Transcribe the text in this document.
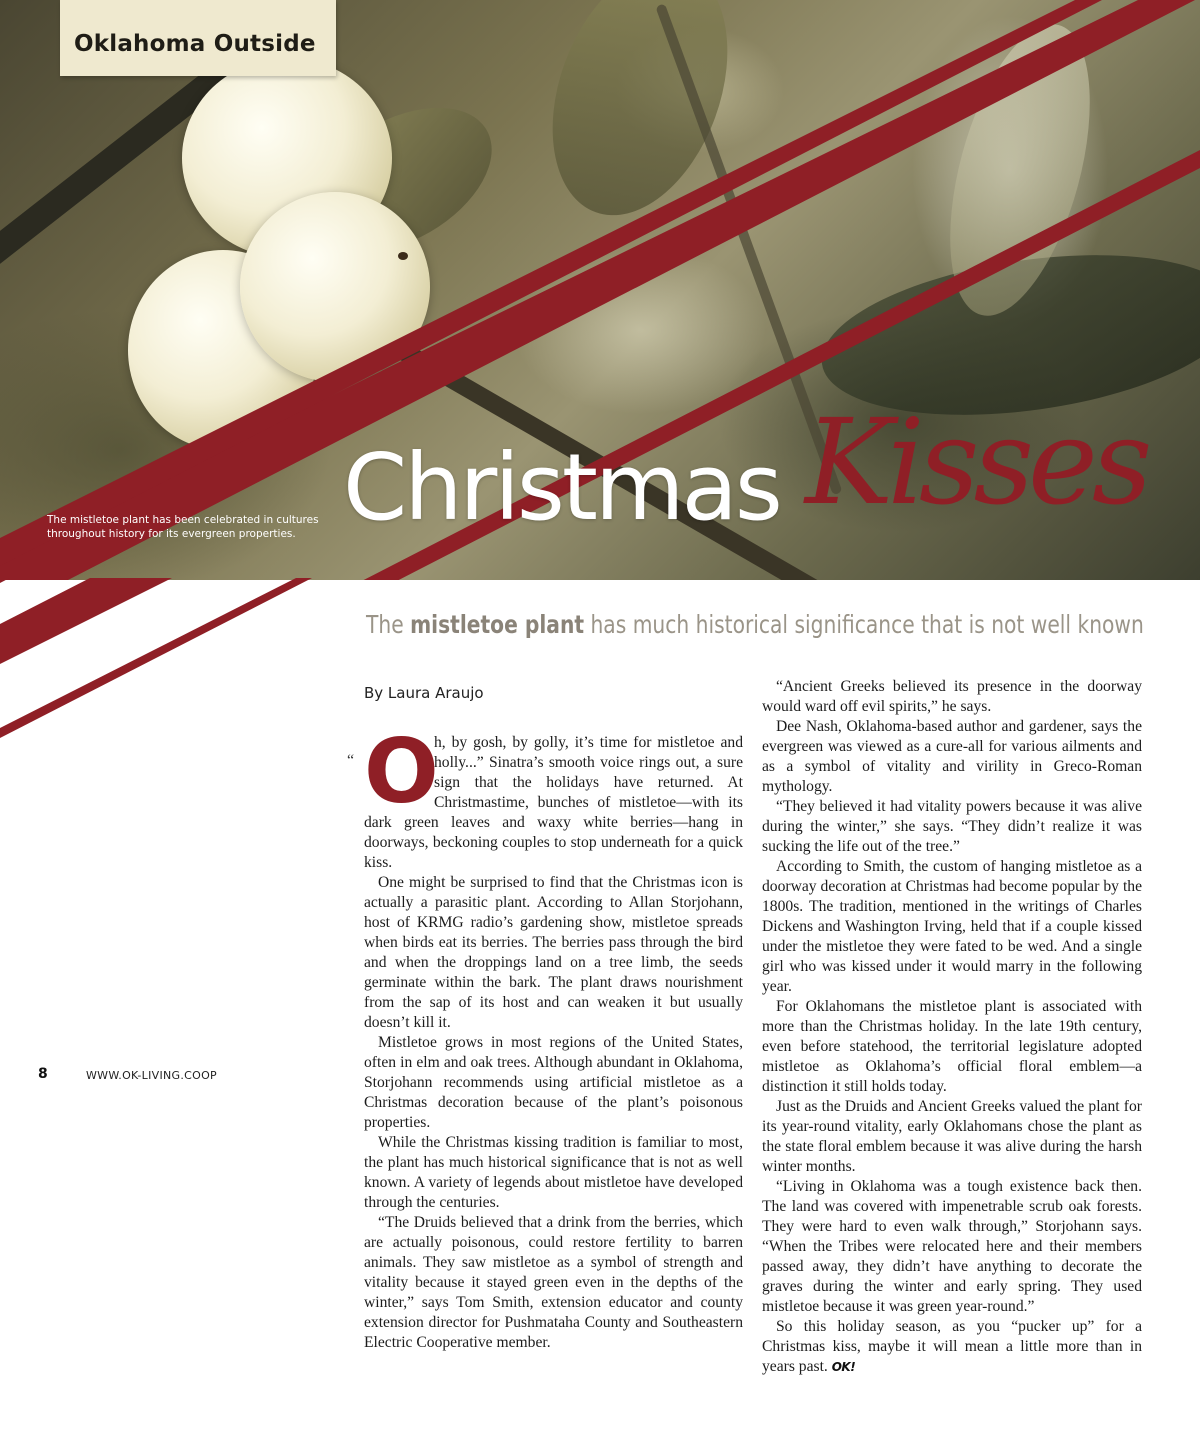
Oklahoma Outside
The mistletoe plant has been celebrated in cultures throughout history for its evergreen properties. Christmas Kisses
The mistletoe plant has much historical significance that is not well known
By Laura Araujo
“ O
h, by gosh, by golly, it’s time for mistletoe and holly...” Sinatra’s smooth voice rings out, a sure sign that the holidays have returned. At Christmastime, bunches of mistletoe—with its dark green leaves and waxy white berries—hang in doorways, beckoning couples to stop underneath for a quick kiss.

One might be surprised to find that the Christmas icon is actually a parasitic plant. According to Allan Storjohann, host of KRMG radio’s gardening show, mistletoe spreads when birds eat its berries. The berries pass through the bird and when the droppings land on a tree limb, the seeds germinate within the bark. The plant draws nourishment from the sap of its host and can weaken it but usually doesn’t kill it.

Mistletoe grows in most regions of the United States, often in elm and oak trees. Although abundant in Oklahoma, Storjohann recommends using artificial mistletoe as a Christmas decoration because of the plant’s poisonous properties.

While the Christmas kissing tradition is familiar to most, the plant has much historical significance that is not as well known. A variety of legends about mistletoe have developed through the centuries.

“The Druids believed that a drink from the berries, which are actually poisonous, could restore fertility to barren animals. They saw mistletoe as a symbol of strength and vitality because it stayed green even in the depths of the winter,” says Tom Smith, extension educator and county extension director for Pushmataha County and Southeastern Electric Cooperative member.

“Ancient Greeks believed its presence in the doorway would ward off evil spirits,” he says.

Dee Nash, Oklahoma-based author and gardener, says the evergreen was viewed as a cure-all for various ailments and as a symbol of vitality and virility in Greco-Roman mythology.

“They believed it had vitality powers because it was alive during the winter,” she says. “They didn’t realize it was sucking the life out of the tree.”

According to Smith, the custom of hanging mistletoe as a doorway decoration at Christmas had become popular by the 1800s. The tradition, mentioned in the writings of Charles Dickens and Washington Irving, held that if a couple kissed under the mistletoe they were fated to be wed. And a single girl who was kissed under it would marry in the following year.

For Oklahomans the mistletoe plant is associated with more than the Christmas holiday. In the late 19th century, even before statehood, the territorial legislature adopted mistletoe as Oklahoma’s official floral emblem—a distinction it still holds today.

Just as the Druids and Ancient Greeks valued the plant for its year-round vitality, early Oklahomans chose the plant as the state floral emblem because it was alive during the harsh winter months.

“Living in Oklahoma was a tough existence back then. The land was covered with impenetrable scrub oak forests. They were hard to even walk through,” Storjohann says. “When the Tribes were relocated here and their members passed away, they didn’t have anything to decorate the graves during the winter and early spring. They used mistletoe because it was green year-round.”

So this holiday season, as you “pucker up” for a Christmas kiss, maybe it will mean a little more than in years past. OK!

8	WWW.OK-LIVING.COOP
